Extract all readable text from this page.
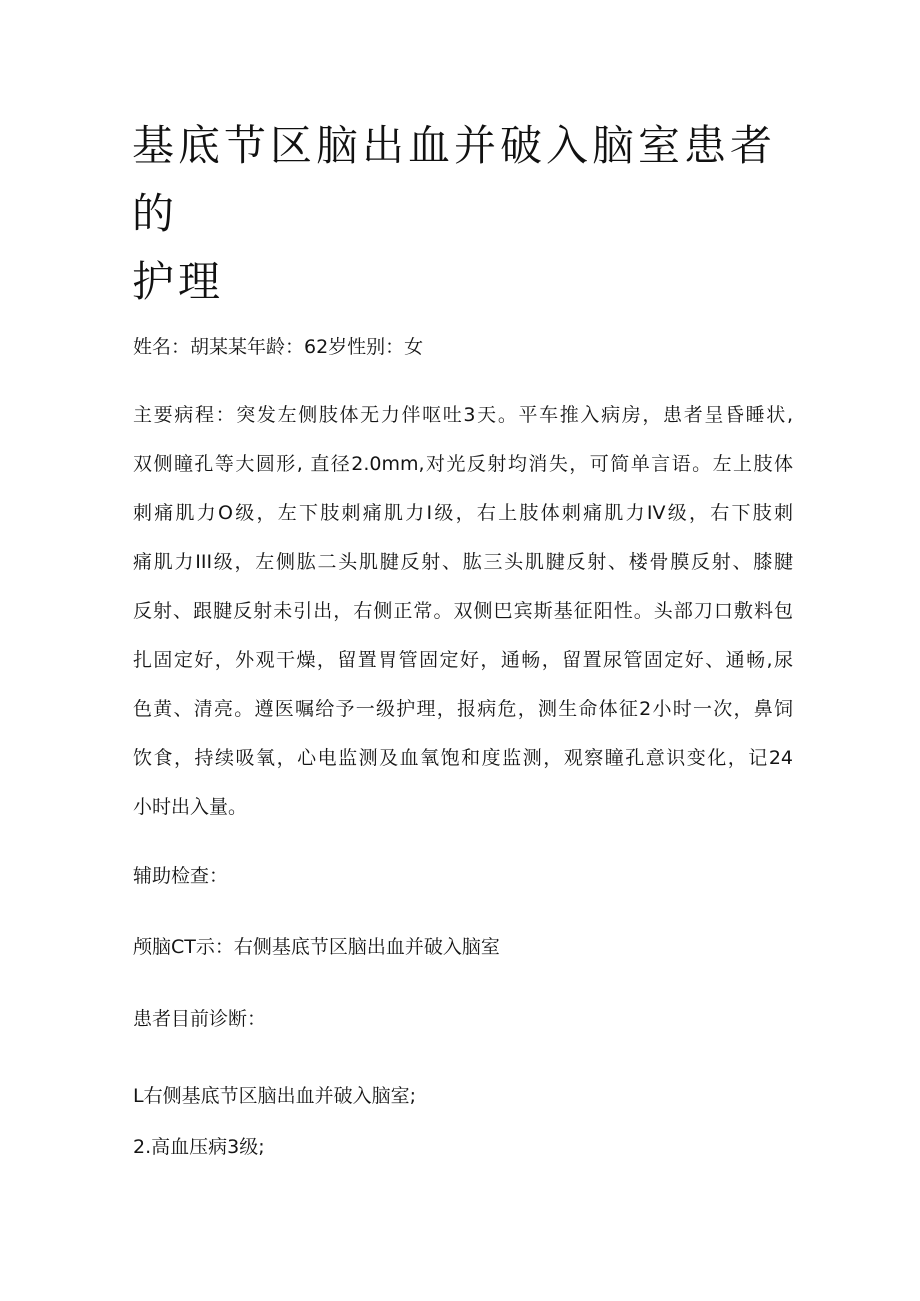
基底节区脑出血并破入脑室患者的
护理

姓名：胡某某年龄：62岁性别：女

主要病程：突发左侧肢体无力伴呕吐3天。平车推入病房，患者呈昏睡状,
双侧瞳孔等大圆形, 直径2.0mm,对光反射均消失，可简单言语。左上肢体
刺痛肌力O级，左下肢刺痛肌力I级，右上肢体刺痛肌力IV级，右下肢刺
痛肌力III级，左侧肱二头肌腱反射、肱三头肌腱反射、楼骨膜反射、膝腱
反射、跟腱反射未引出，右侧正常。双侧巴宾斯基征阳性。头部刀口敷料包
扎固定好，外观干燥，留置胃管固定好，通畅，留置尿管固定好、通畅,尿
色黄、清亮。遵医嘱给予一级护理，报病危，测生命体征2小时一次，鼻饲
饮食，持续吸氧，心电监测及血氧饱和度监测，观察瞳孔意识变化，记24
小时出入量。

辅助检查：

颅脑CT示：右侧基底节区脑出血并破入脑室

患者目前诊断：

L右侧基底节区脑出血并破入脑室;

2.高血压病3级;
